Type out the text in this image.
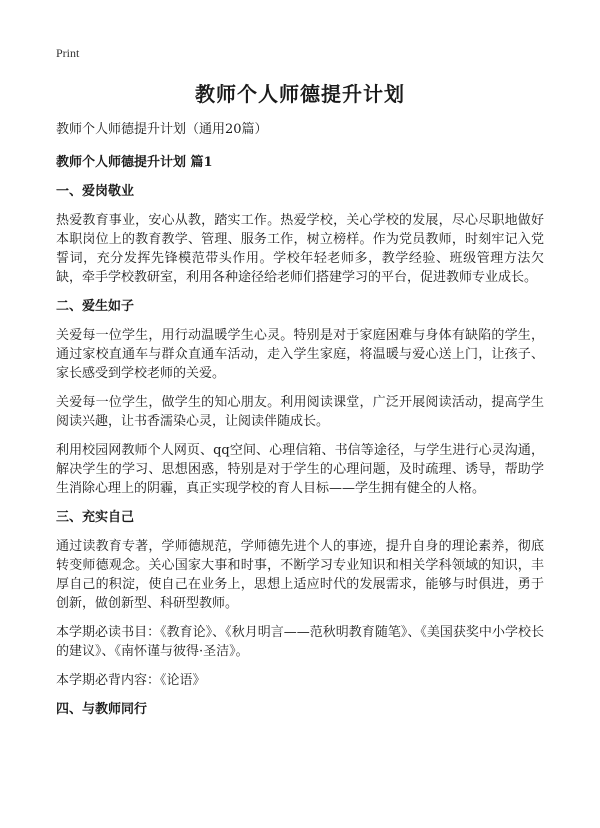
Print
教师个人师德提升计划

教师个人师德提升计划（通用20篇）

教师个人师德提升计划 篇1

一、爱岗敬业

热爱教育事业，安心从教，踏实工作。热爱学校，关心学校的发展，尽心尽职地做好本职岗位上的教育教学、管理、服务工作，树立榜样。作为党员教师，时刻牢记入党誓词，充分发挥先锋模范带头作用。学校年轻老师多，教学经验、班级管理方法欠缺，牵手学校教研室，利用各种途径给老师们搭建学习的平台，促进教师专业成长。

二、爱生如子

关爱每一位学生，用行动温暖学生心灵。特别是对于家庭困难与身体有缺陷的学生，通过家校直通车与群众直通车活动，走入学生家庭，将温暖与爱心送上门，让孩子、家长感受到学校老师的关爱。

关爱每一位学生，做学生的知心朋友。利用阅读课堂，广泛开展阅读活动，提高学生阅读兴趣，让书香濡染心灵，让阅读伴随成长。

利用校园网教师个人网页、qq空间、心理信箱、书信等途径，与学生进行心灵沟通，解决学生的学习、思想困惑，特别是对于学生的心理问题，及时疏理、诱导，帮助学生消除心理上的阴霾，真正实现学校的育人目标——学生拥有健全的人格。

三、充实自己

通过读教育专著，学师德规范，学师德先进个人的事迹，提升自身的理论素养，彻底转变师德观念。关心国家大事和时事，不断学习专业知识和相关学科领域的知识，丰厚自己的积淀，使自己在业务上，思想上适应时代的发展需求，能够与时俱进，勇于创新，做创新型、科研型教师。

本学期必读书目：《教育论》、《秋月明言——范秋明教育随笔》、《美国获奖中小学校长的建议》、《南怀谨与彼得·圣洁》。

本学期必背内容：《论语》

四、与教师同行
